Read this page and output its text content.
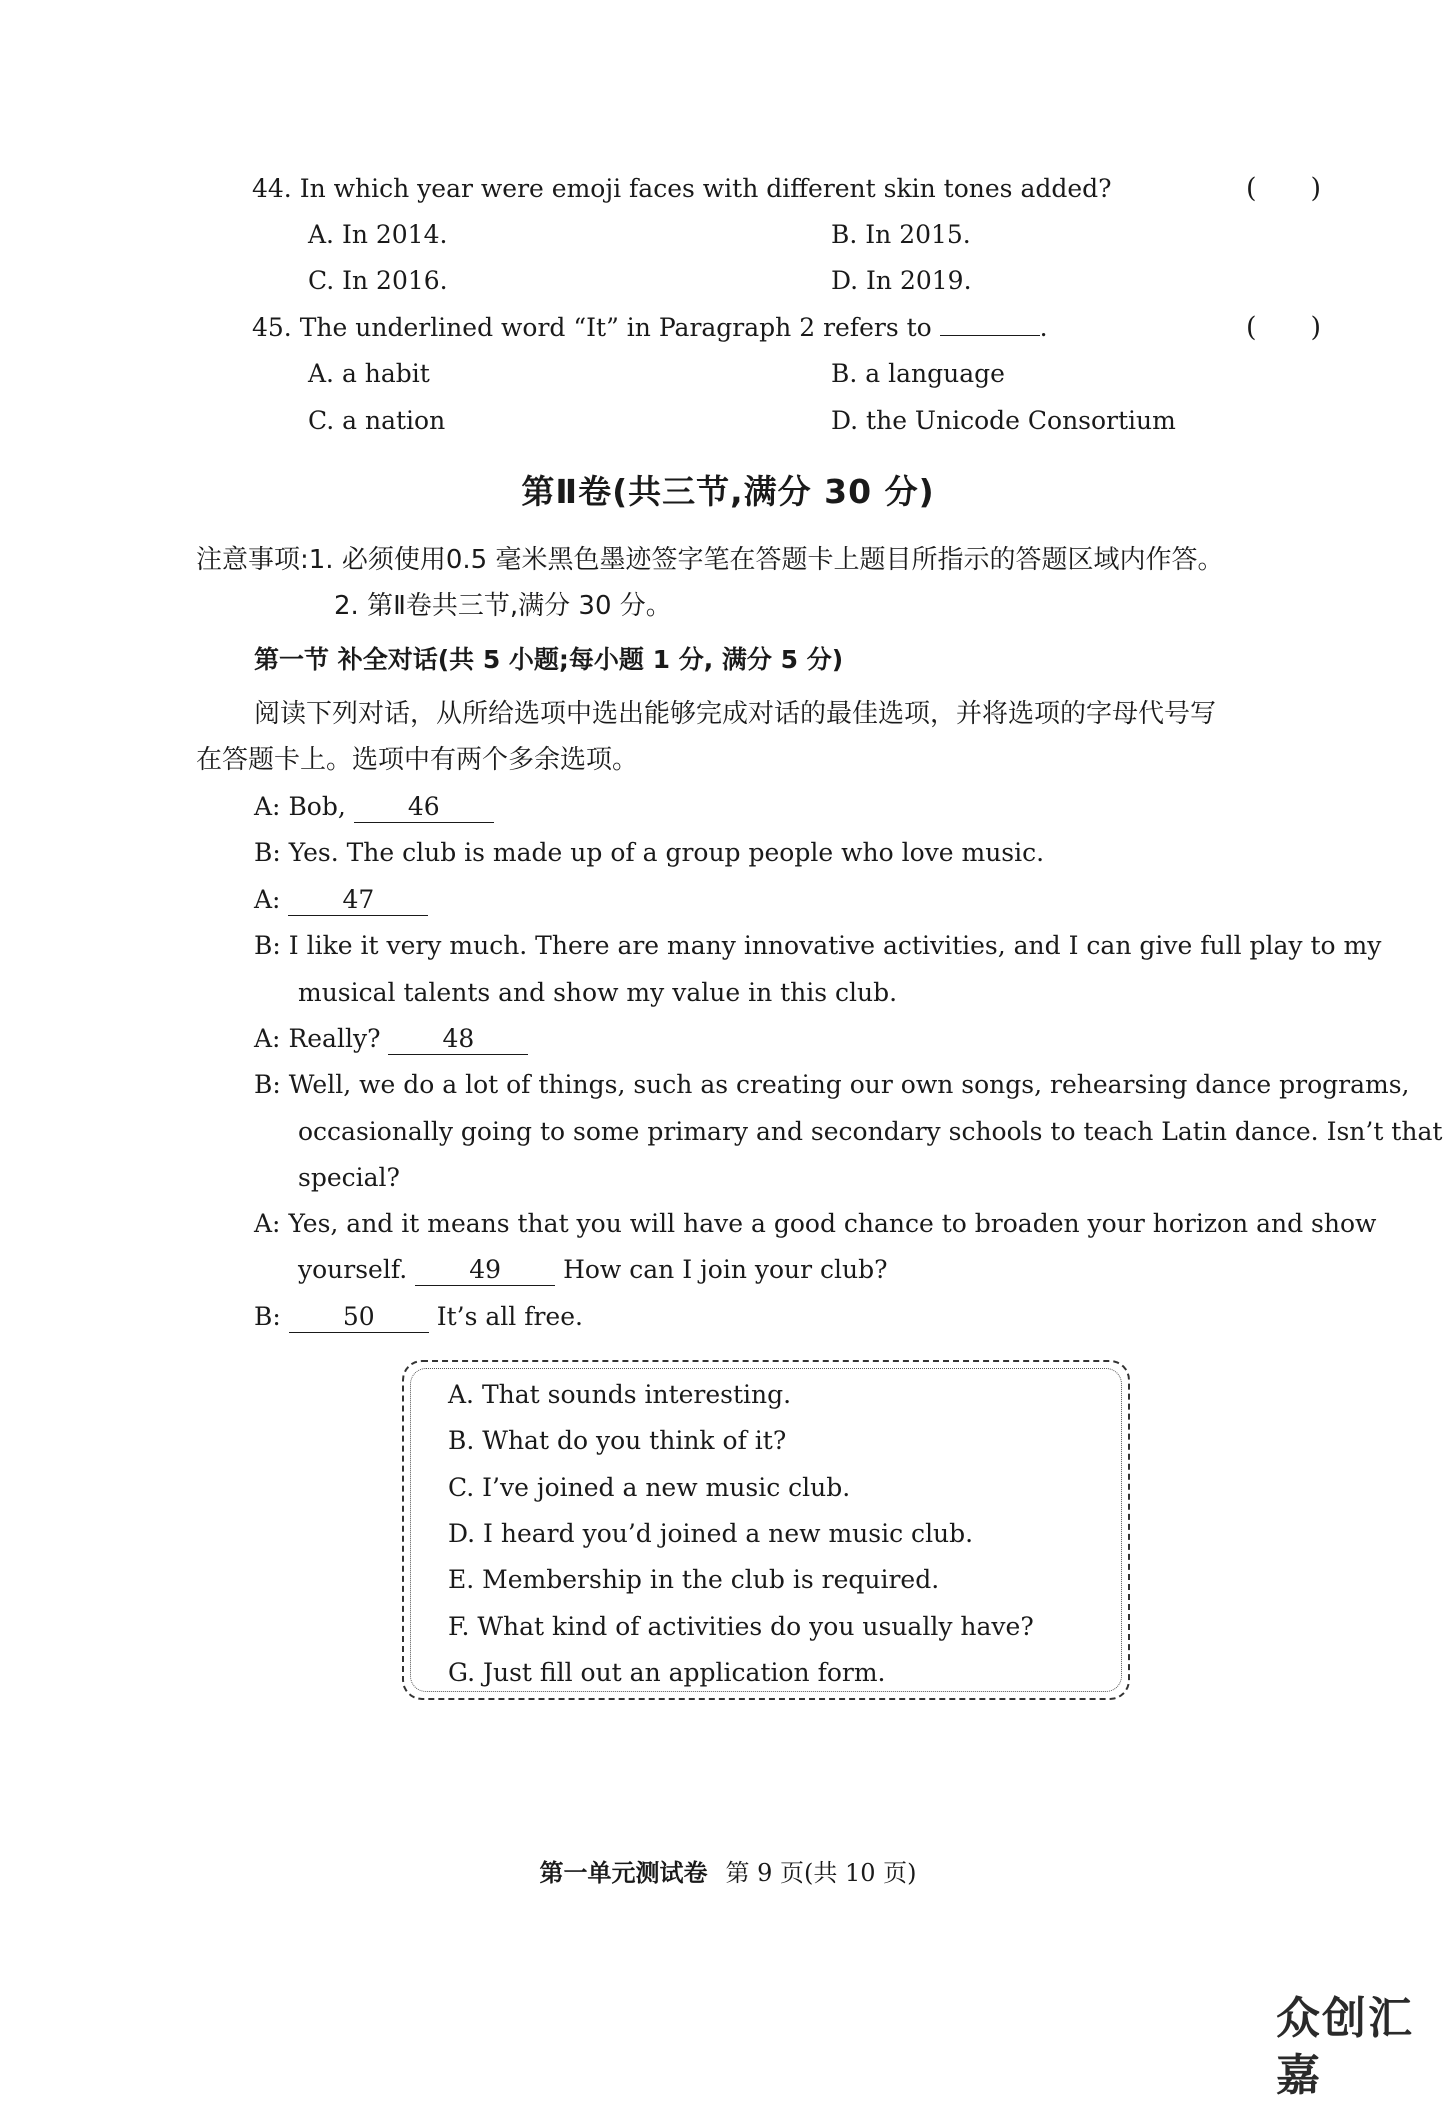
44. In which year were emoji faces with different skin tones added?	( )
A. In 2014.	B. In 2015.
C. In 2016.	D. In 2019.
45. The underlined word “It” in Paragraph 2 refers to	.	( )
A. a habit	B. a language
C. a nation	D. the Unicode Consortium
第Ⅱ卷(共三节,满分 30 分)
注意事项:1. 必须使用0.5 毫米黑色墨迹签字笔在答题卡上题目所指示的答题区域内作答。
2. 第Ⅱ卷共三节,满分 30 分。
第一节 补全对话(共 5 小题;每小题 1 分, 满分 5 分)
阅读下列对话，从所给选项中选出能够完成对话的最佳选项，并将选项的字母代号写
在答题卡上。选项中有两个多余选项。
A: Bob, 46
B: Yes. The club is made up of a group people who love music.
A: 47
B: I like it very much. There are many innovative activities, and I can give full play to my
musical talents and show my value in this club.
A: Really? 48
B: Well, we do a lot of things, such as creating our own songs, rehearsing dance programs,
occasionally going to some primary and secondary schools to teach Latin dance. Isn’t that
special?
A: Yes, and it means that you will have a good chance to broaden your horizon and show
yourself. 49 How can I join your club?
B: 50 It’s all free.
A. That sounds interesting.
B. What do you think of it?
C. I’ve joined a new music club.
D. I heard you’d joined a new music club.
E. Membership in the club is required.
F. What kind of activities do you usually have?
G. Just fill out an application form.
第一单元测试卷 第 9 页(共 10 页)
众创汇嘉
